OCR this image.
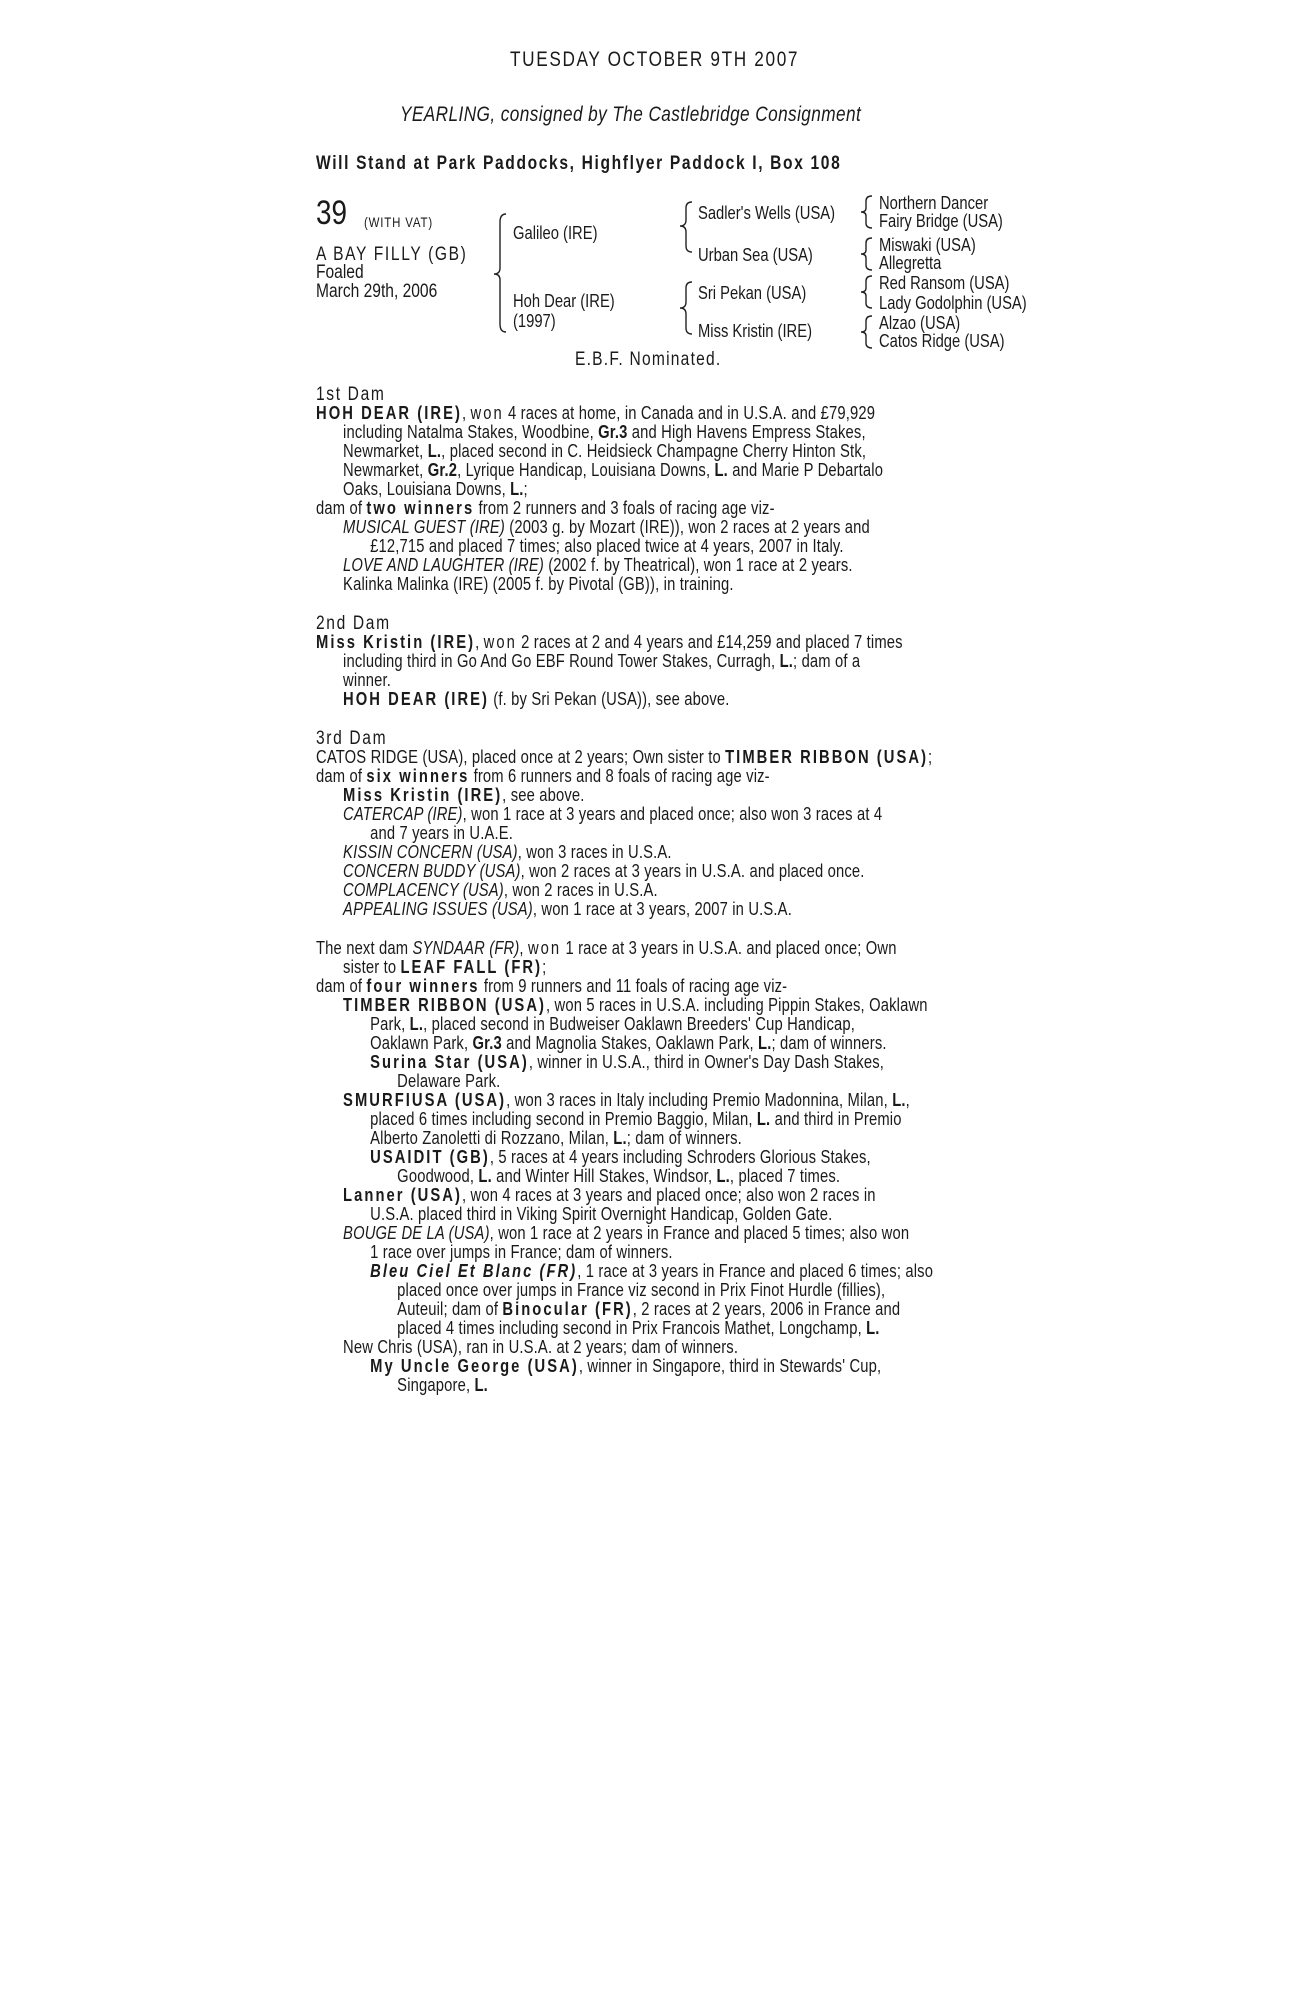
TUESDAY OCTOBER 9TH 2007
YEARLING, consigned by The Castlebridge Consignment
Will Stand at Park Paddocks, Highflyer Paddock I, Box 108
39 (WITH VAT)
A BAY FILLY (GB)
Foaled
March 29th, 2006
Galileo (IRE)
Hoh Dear (IRE)
(1997)
Sadler's Wells (USA)
Urban Sea (USA)
Sri Pekan (USA)
Miss Kristin (IRE)
Northern Dancer
Fairy Bridge (USA)
Miswaki (USA)
Allegretta
Red Ransom (USA)
Lady Godolphin (USA)
Alzao (USA)
Catos Ridge (USA)
E.B.F. Nominated.
1st Dam
HOH DEAR (IRE), won 4 races at home, in Canada and in U.S.A. and £79,929
including Natalma Stakes, Woodbine, Gr.3 and High Havens Empress Stakes,
Newmarket, L., placed second in C. Heidsieck Champagne Cherry Hinton Stk,
Newmarket, Gr.2, Lyrique Handicap, Louisiana Downs, L. and Marie P Debartalo
Oaks, Louisiana Downs, L.;
dam of two winners from 2 runners and 3 foals of racing age viz-
MUSICAL GUEST (IRE) (2003 g. by Mozart (IRE)), won 2 races at 2 years and
£12,715 and placed 7 times; also placed twice at 4 years, 2007 in Italy.
LOVE AND LAUGHTER (IRE) (2002 f. by Theatrical), won 1 race at 2 years.
Kalinka Malinka (IRE) (2005 f. by Pivotal (GB)), in training.
2nd Dam
Miss Kristin (IRE), won 2 races at 2 and 4 years and £14,259 and placed 7 times
including third in Go And Go EBF Round Tower Stakes, Curragh, L.; dam of a
winner.
HOH DEAR (IRE) (f. by Sri Pekan (USA)), see above.
3rd Dam
CATOS RIDGE (USA), placed once at 2 years; Own sister to TIMBER RIBBON (USA);
dam of six winners from 6 runners and 8 foals of racing age viz-
Miss Kristin (IRE), see above.
CATERCAP (IRE), won 1 race at 3 years and placed once; also won 3 races at 4
and 7 years in U.A.E.
KISSIN CONCERN (USA), won 3 races in U.S.A.
CONCERN BUDDY (USA), won 2 races at 3 years in U.S.A. and placed once.
COMPLACENCY (USA), won 2 races in U.S.A.
APPEALING ISSUES (USA), won 1 race at 3 years, 2007 in U.S.A.
The next dam SYNDAAR (FR), won 1 race at 3 years in U.S.A. and placed once; Own
sister to LEAF FALL (FR);
dam of four winners from 9 runners and 11 foals of racing age viz-
TIMBER RIBBON (USA), won 5 races in U.S.A. including Pippin Stakes, Oaklawn
Park, L., placed second in Budweiser Oaklawn Breeders' Cup Handicap,
Oaklawn Park, Gr.3 and Magnolia Stakes, Oaklawn Park, L.; dam of winners.
Surina Star (USA), winner in U.S.A., third in Owner's Day Dash Stakes,
Delaware Park.
SMURFIUSA (USA), won 3 races in Italy including Premio Madonnina, Milan, L.,
placed 6 times including second in Premio Baggio, Milan, L. and third in Premio
Alberto Zanoletti di Rozzano, Milan, L.; dam of winners.
USAIDIT (GB), 5 races at 4 years including Schroders Glorious Stakes,
Goodwood, L. and Winter Hill Stakes, Windsor, L., placed 7 times.
Lanner (USA), won 4 races at 3 years and placed once; also won 2 races in
U.S.A. placed third in Viking Spirit Overnight Handicap, Golden Gate.
BOUGE DE LA (USA), won 1 race at 2 years in France and placed 5 times; also won
1 race over jumps in France; dam of winners.
Bleu Ciel Et Blanc (FR), 1 race at 3 years in France and placed 6 times; also
placed once over jumps in France viz second in Prix Finot Hurdle (fillies),
Auteuil; dam of Binocular (FR), 2 races at 2 years, 2006 in France and
placed 4 times including second in Prix Francois Mathet, Longchamp, L.
New Chris (USA), ran in U.S.A. at 2 years; dam of winners.
My Uncle George (USA), winner in Singapore, third in Stewards' Cup,
Singapore, L.
